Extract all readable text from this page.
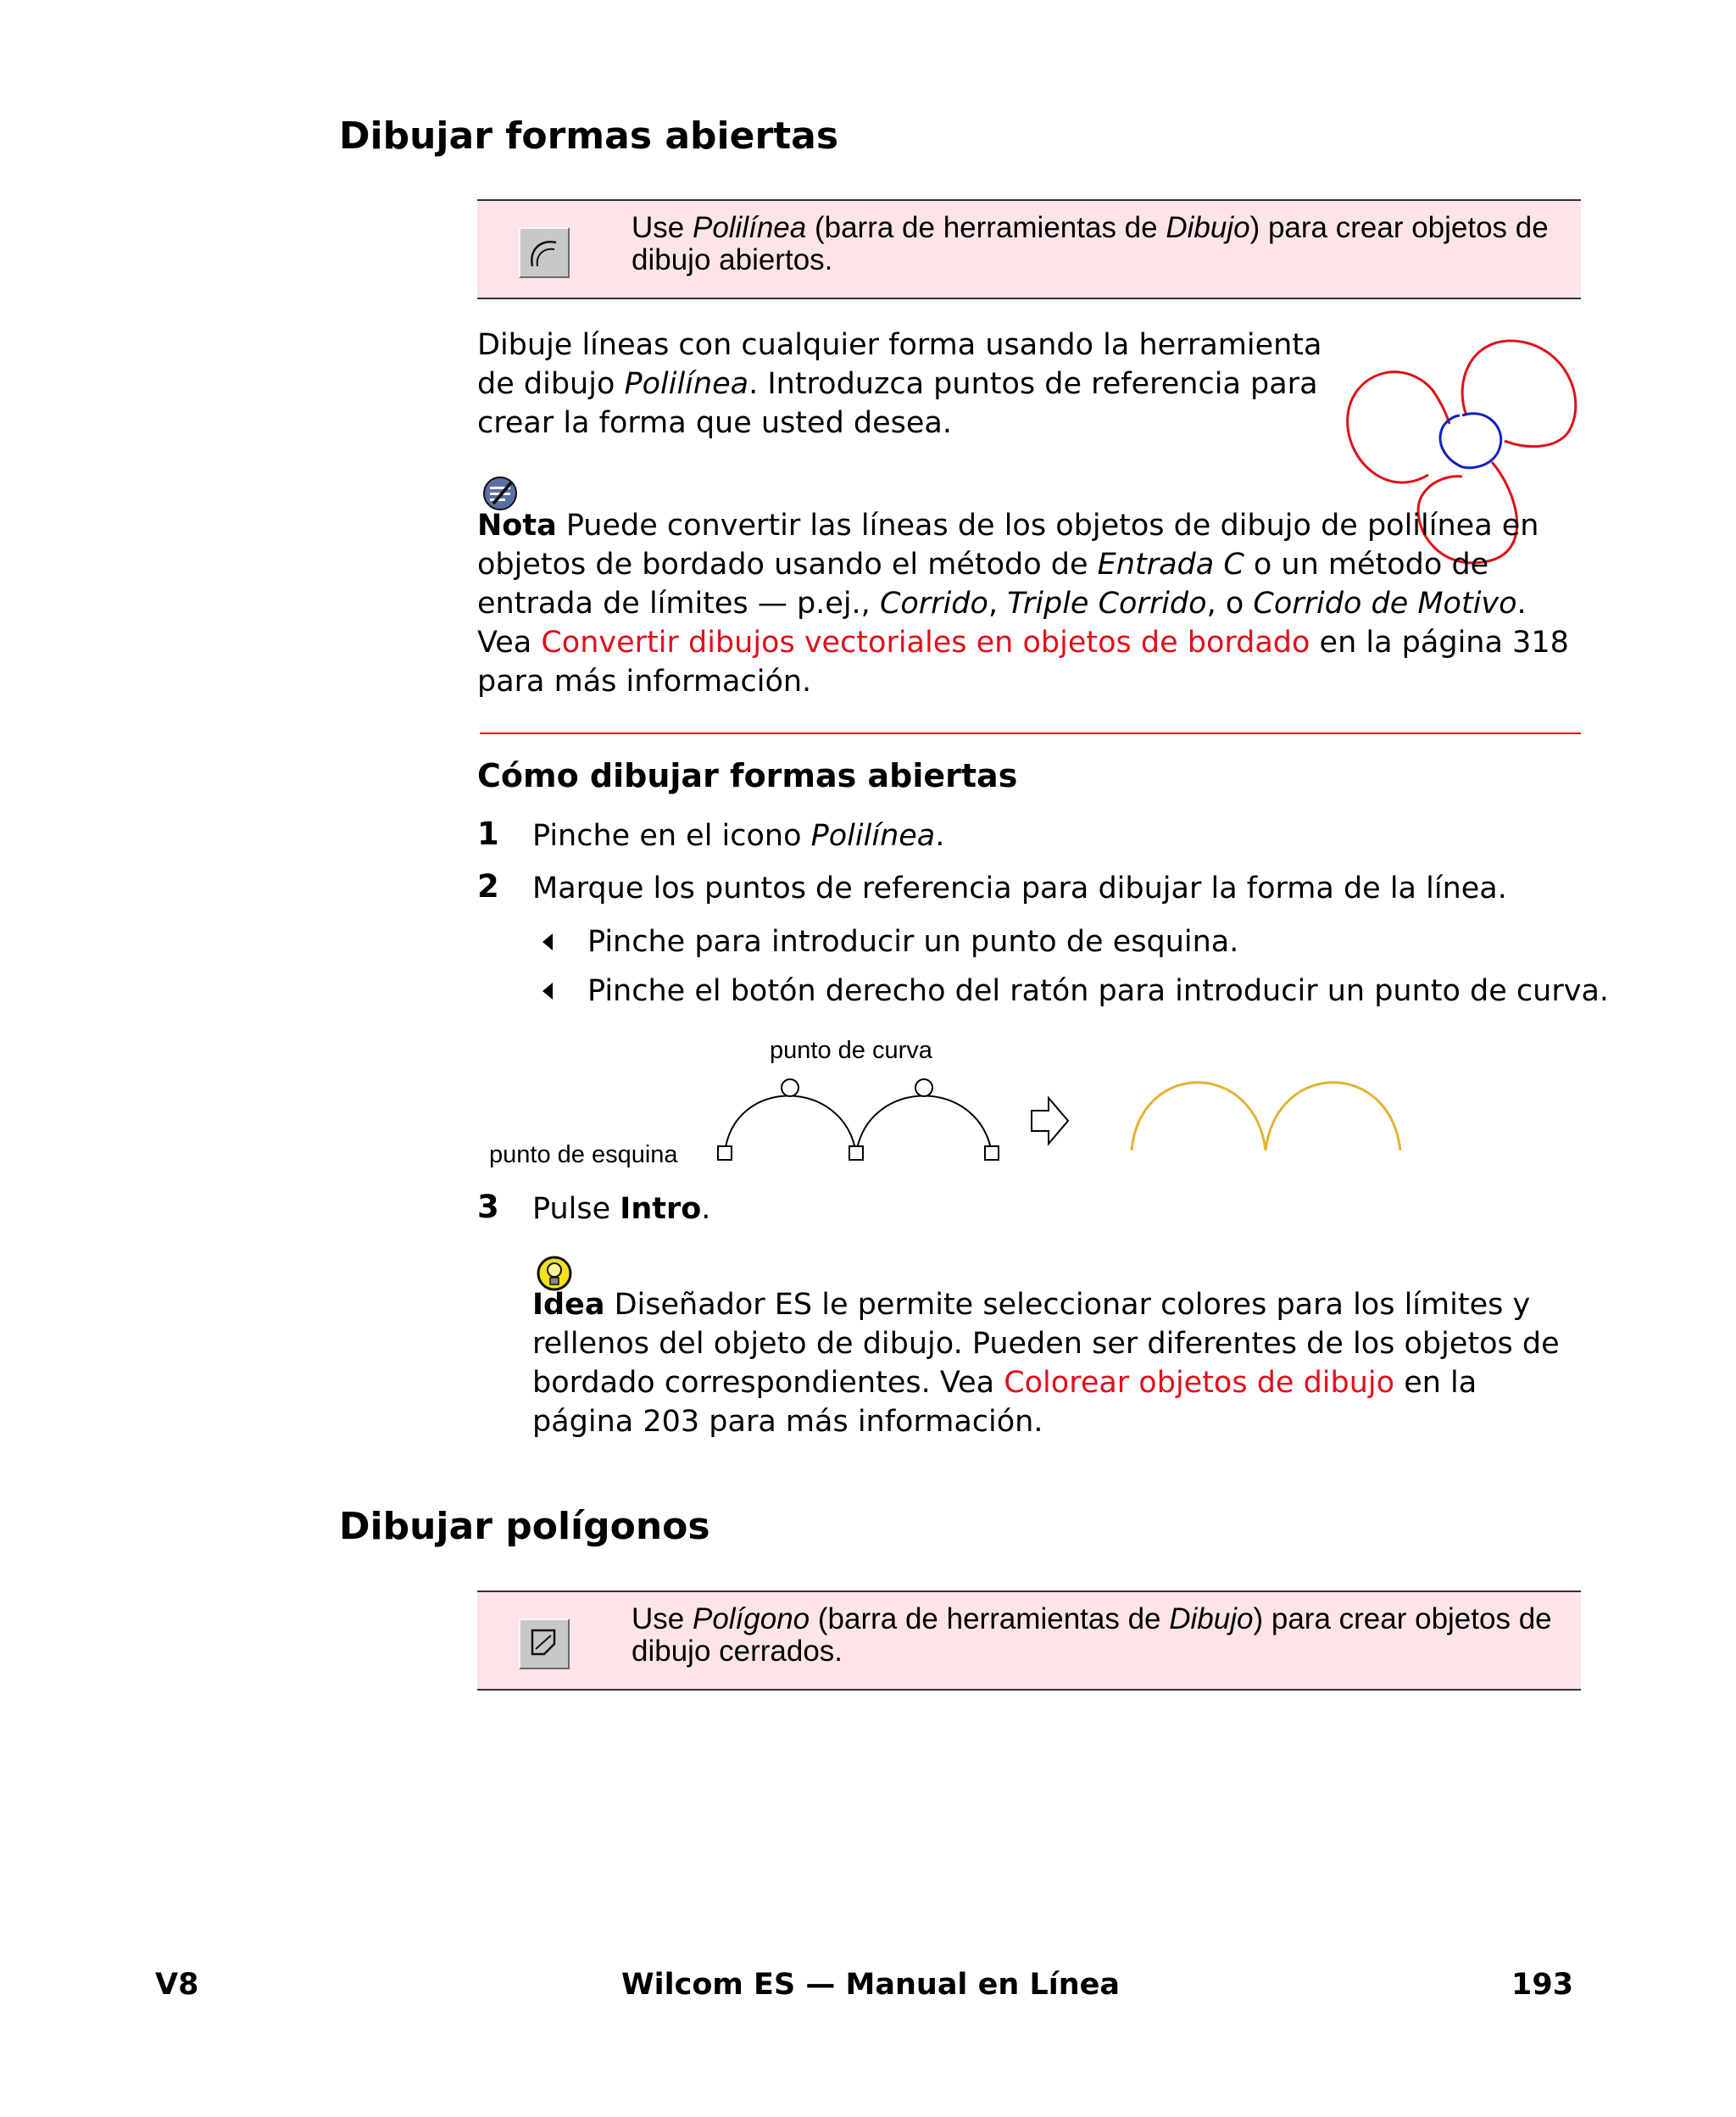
Dibujar formas abiertas
Use Polilínea (barra de herramientas de Dibujo) para crear objetos de dibujo abiertos.
Dibuje líneas con cualquier forma usando la herramienta de dibujo Polilínea. Introduzca puntos de referencia para crear la forma que usted desea.
Nota Puede convertir las líneas de los objetos de dibujo de polilínea en objetos de bordado usando el método de Entrada C o un método de entrada de límites — p.ej., Corrido, Triple Corrido, o Corrido de Motivo. Vea Convertir dibujos vectoriales en objetos de bordado en la página 318 para más información.
Cómo dibujar formas abiertas
1 Pinche en el icono Polilínea.
2 Marque los puntos de referencia para dibujar la forma de la línea.
Pinche para introducir un punto de esquina.
Pinche el botón derecho del ratón para introducir un punto de curva.
punto de curva
punto de esquina
3 Pulse Intro.
Idea Diseñador ES le permite seleccionar colores para los límites y rellenos del objeto de dibujo. Pueden ser diferentes de los objetos de bordado correspondientes. Vea Colorear objetos de dibujo en la página 203 para más información.
Dibujar polígonos
Use Polígono (barra de herramientas de Dibujo) para crear objetos de dibujo cerrados.
V8	Wilcom ES — Manual en Línea	193
